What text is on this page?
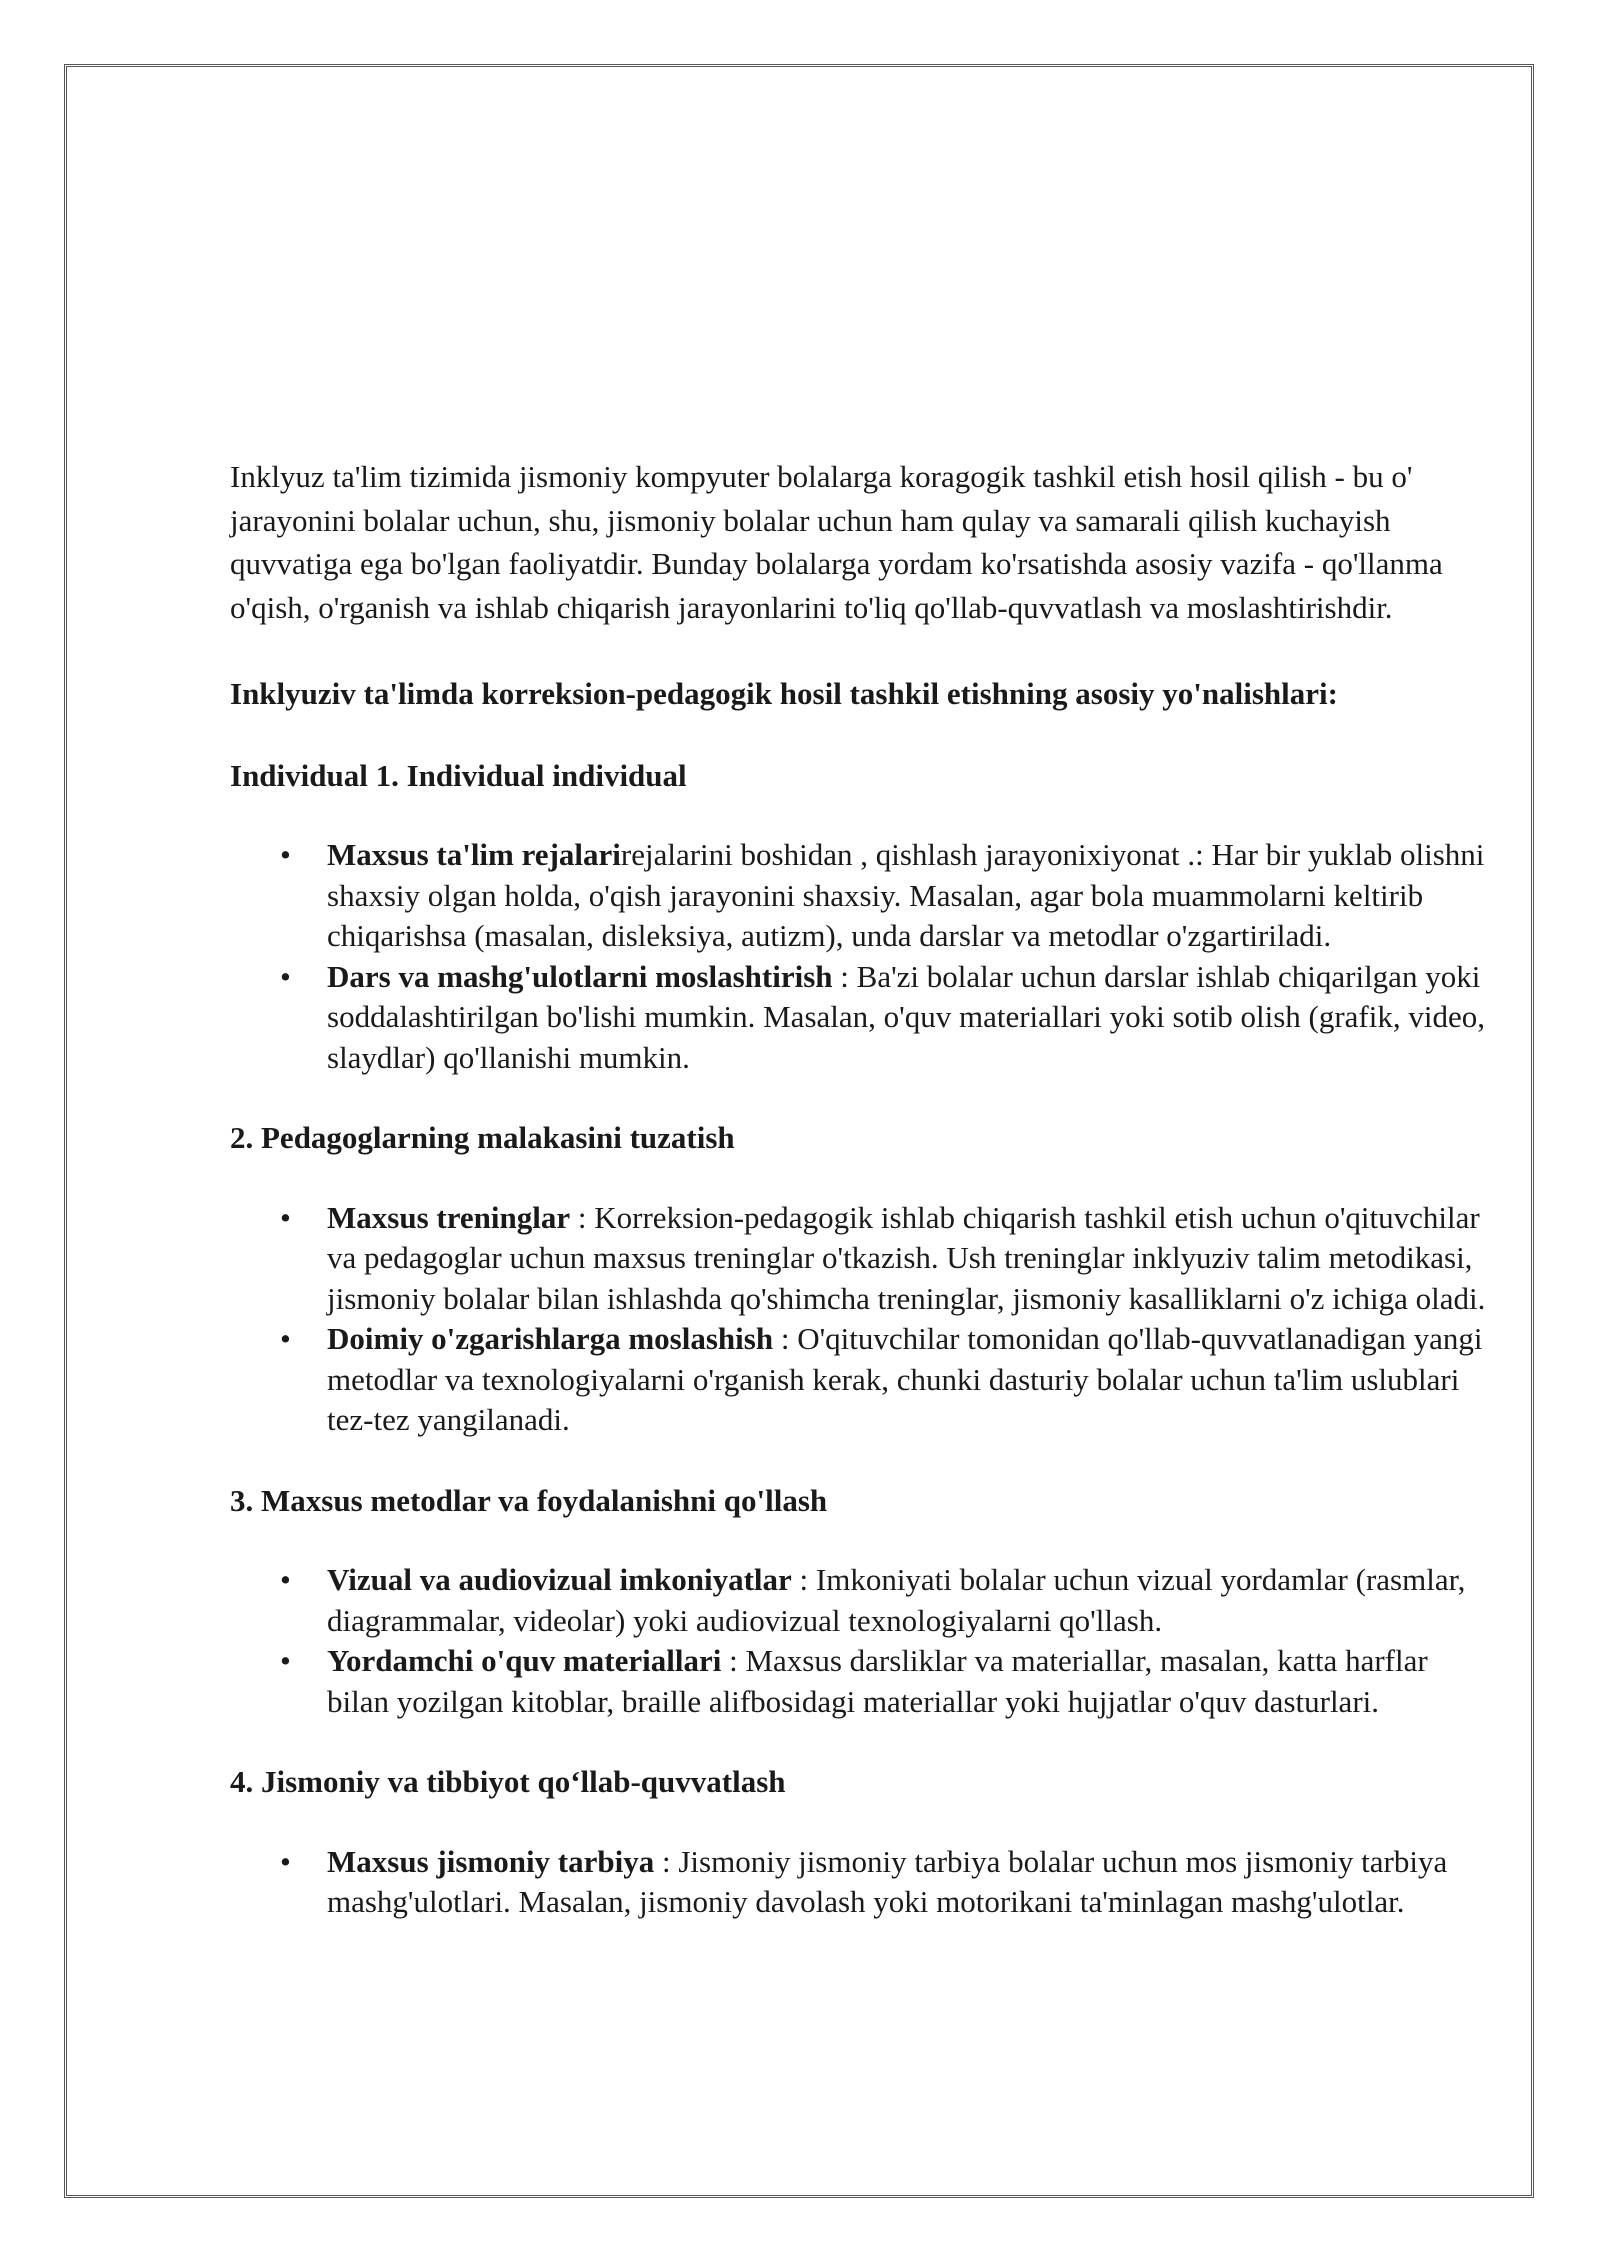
Inklyuz ta'lim tizimida jismoniy kompyuter bolalarga koragogik tashkil etish hosil qilish - bu o' jarayonini bolalar uchun, shu, jismoniy bolalar uchun ham qulay va samarali qilish kuchayish quvvatiga ega bo'lgan faoliyatdir. Bunday bolalarga yordam ko'rsatishda asosiy vazifa - qo'llanma o'qish, o'rganish va ishlab chiqarish jarayonlarini to'liq qo'llab-quvvatlash va moslashtirishdir.

Inklyuziv ta'limda korreksion-pedagogik hosil tashkil etishning asosiy yo'nalishlari:

Individual 1. Individual individual

• Maxsus ta'lim rejalarirejalarini boshidan , qishlash jarayonixiyonat .: Har bir yuklab olishni shaxsiy olgan holda, o'qish jarayonini shaxsiy. Masalan, agar bola muammolarni keltirib chiqarishsa (masalan, disleksiya, autizm), unda darslar va metodlar o'zgartiriladi.
• Dars va mashg'ulotlarni moslashtirish : Ba'zi bolalar uchun darslar ishlab chiqarilgan yoki soddalashtirilgan bo'lishi mumkin. Masalan, o'quv materiallari yoki sotib olish (grafik, video, slaydlar) qo'llanishi mumkin.

2. Pedagoglarning malakasini tuzatish

• Maxsus treninglar : Korreksion-pedagogik ishlab chiqarish tashkil etish uchun o'qituvchilar va pedagoglar uchun maxsus treninglar o'tkazish. Ush treninglar inklyuziv talim metodikasi, jismoniy bolalar bilan ishlashda qo'shimcha treninglar, jismoniy kasalliklarni o'z ichiga oladi.
• Doimiy o'zgarishlarga moslashish : O'qituvchilar tomonidan qo'llab-quvvatlanadigan yangi metodlar va texnologiyalarni o'rganish kerak, chunki dasturiy bolalar uchun ta'lim uslublari tez-tez yangilanadi.

3. Maxsus metodlar va foydalanishni qo'llash

• Vizual va audiovizual imkoniyatlar : Imkoniyati bolalar uchun vizual yordamlar (rasmlar, diagrammalar, videolar) yoki audiovizual texnologiyalarni qo'llash.
• Yordamchi o'quv materiallari : Maxsus darsliklar va materiallar, masalan, katta harflar bilan yozilgan kitoblar, braille alifbosidagi materiallar yoki hujjatlar o'quv dasturlari.

4. Jismoniy va tibbiyot qo‘llab-quvvatlash

• Maxsus jismoniy tarbiya : Jismoniy jismoniy tarbiya bolalar uchun mos jismoniy tarbiya mashg'ulotlari. Masalan, jismoniy davolash yoki motorikani ta'minlagan mashg'ulotlar.
